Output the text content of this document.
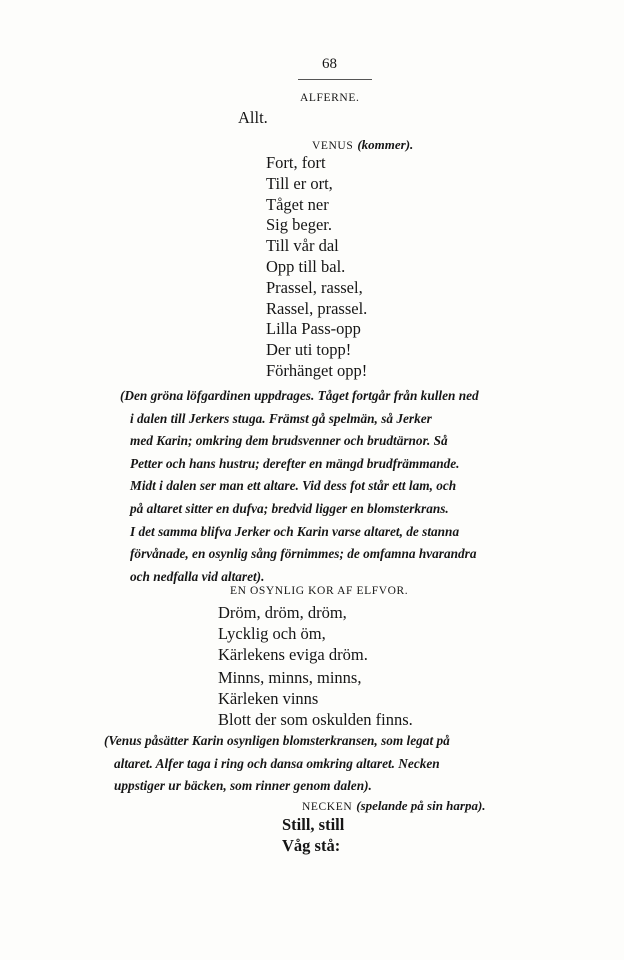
68
ALFERNE.
Allt.
VENUS (kommer).
Fort, fort
Till er ort,
Tåget ner
Sig beger.
Till vår dal
Opp till bal.
Prassel, rassel,
Rassel, prassel.
Lilla Pass-opp
Der uti topp!
Förhänget opp!
(Den gröna löfgardinen uppdrages. Tåget fortgår från kullen ned
i dalen till Jerkers stuga. Främst gå spelmän, så Jerker
med Karin; omkring dem brudsvenner och brudtärnor. Så
Petter och hans hustru; derefter en mängd brudfrämmande.
Midt i dalen ser man ett altare. Vid dess fot står ett lam, och
på altaret sitter en dufva; bredvid ligger en blomsterkrans.
I det samma blifva Jerker och Karin varse altaret, de stanna
förvånade, en osynlig sång förnimmes; de omfamna hvarandra
och nedfalla vid altaret).
EN OSYNLIG KOR AF ELFVOR.
Dröm, dröm, dröm,
Lycklig och öm,
Kärlekens eviga dröm.
Minns, minns, minns,
Kärleken vinns
Blott der som oskulden finns.
(Venus påsätter Karin osynligen blomsterkransen, som legat på
altaret. Alfer taga i ring och dansa omkring altaret. Necken
uppstiger ur bäcken, som rinner genom dalen).
NECKEN (spelande på sin harpa).
Still, still
Våg stå:
